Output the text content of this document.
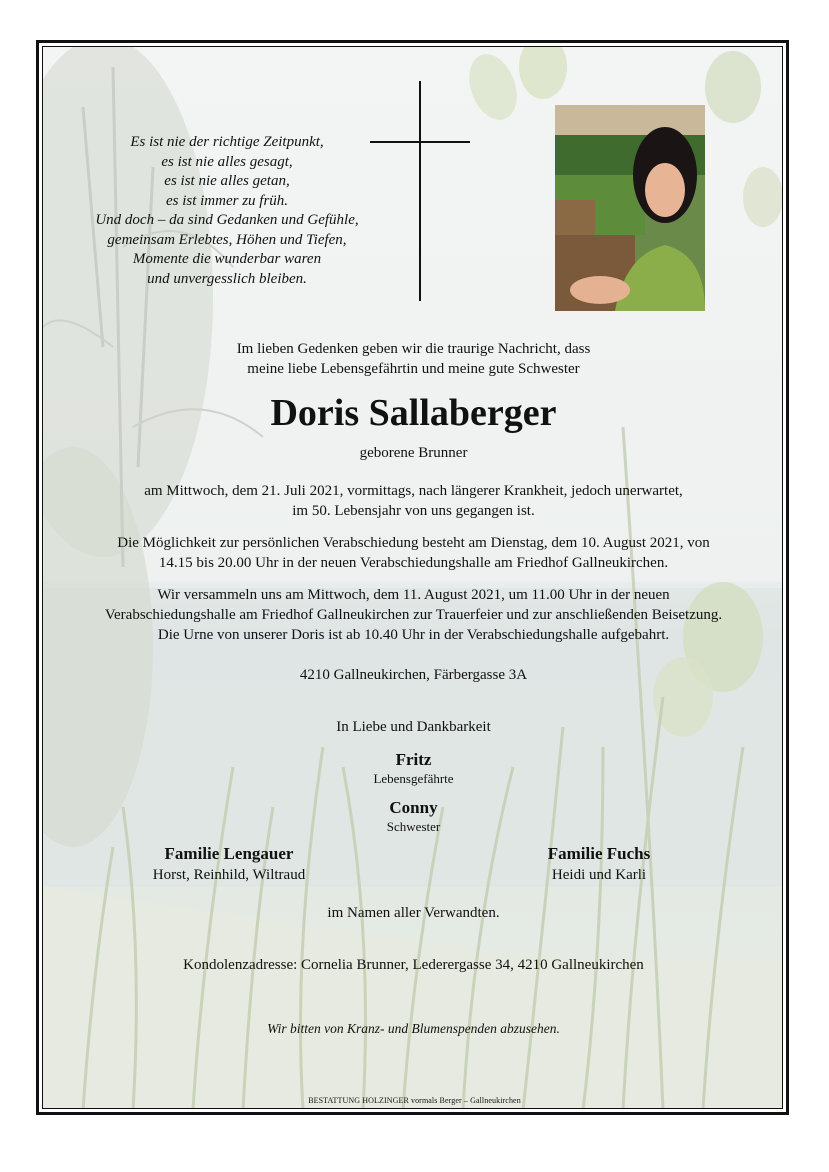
Es ist nie der richtige Zeitpunkt,
es ist nie alles gesagt,
es ist nie alles getan,
es ist immer zu früh.
Und doch – da sind Gedanken und Gefühle,
gemeinsam Erlebtes, Höhen und Tiefen,
Momente die wunderbar waren
und unvergesslich bleiben.
Im lieben Gedenken geben wir die traurige Nachricht, dass
meine liebe Lebensgefährtin und meine gute Schwester
Doris Sallaberger
geborene Brunner
am Mittwoch, dem 21. Juli 2021, vormittags, nach längerer Krankheit, jedoch unerwartet,
im 50. Lebensjahr von uns gegangen ist.
Die Möglichkeit zur persönlichen Verabschiedung besteht am Dienstag, dem 10. August 2021, von
14.15 bis 20.00 Uhr in der neuen Verabschiedungshalle am Friedhof Gallneukirchen.
Wir versammeln uns am Mittwoch, dem 11. August 2021, um 11.00 Uhr in der neuen
Verabschiedungshalle am Friedhof Gallneukirchen zur Trauerfeier und zur anschließenden Beisetzung.
Die Urne von unserer Doris ist ab 10.40 Uhr in der Verabschiedungshalle aufgebahrt.
4210 Gallneukirchen, Färbergasse 3A
In Liebe und Dankbarkeit
Fritz
Lebensgefährte
Conny
Schwester
Familie Lengauer
Horst, Reinhild, Wiltraud
Familie Fuchs
Heidi und Karli
im Namen aller Verwandten.
Kondolenzadresse: Cornelia Brunner, Lederergasse 34, 4210 Gallneukirchen
Wir bitten von Kranz- und Blumenspenden abzusehen.
BESTATTUNG HOLZINGER vormals Berger – Gallneukirchen
